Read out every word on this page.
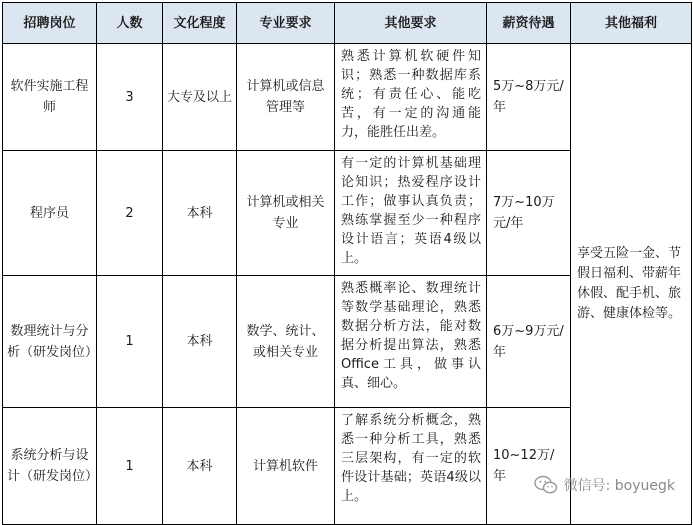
招聘岗位	人数	文化程度	专业要求	其他要求	薪资待遇	其他福利
软件实施工程师	3	大专及以上	计算机或信息管理等	熟悉计算机软硬件知识；熟悉一种数据库系统；有责任心、能吃苦，有一定的沟通能力，能胜任出差。	5万~8万元/年	享受五险一金、节假日福利、带薪年休假、配手机、旅游、健康体检等。
程序员	2	本科	计算机或相关专业	有一定的计算机基础理论知识；热爱程序设计工作；做事认真负责；熟练掌握至少一种程序设计语言；英语4级以上。	7万~10万元/年	
数理统计与分析（研发岗位）	1	本科	数学、统计、或相关专业	熟悉概率论、数理统计等数学基础理论，熟悉数据分析方法，能对数据分析提出算法，熟悉Office工具，做事认真、细心。	6万~9万元/年	
系统分析与设计（研发岗位）	1	本科	计算机软件	了解系统分析概念，熟悉一种分析工具，熟悉三层架构，有一定的软件设计基础；英语4级以上。	10~12万/年	
微信号: boyuegk
